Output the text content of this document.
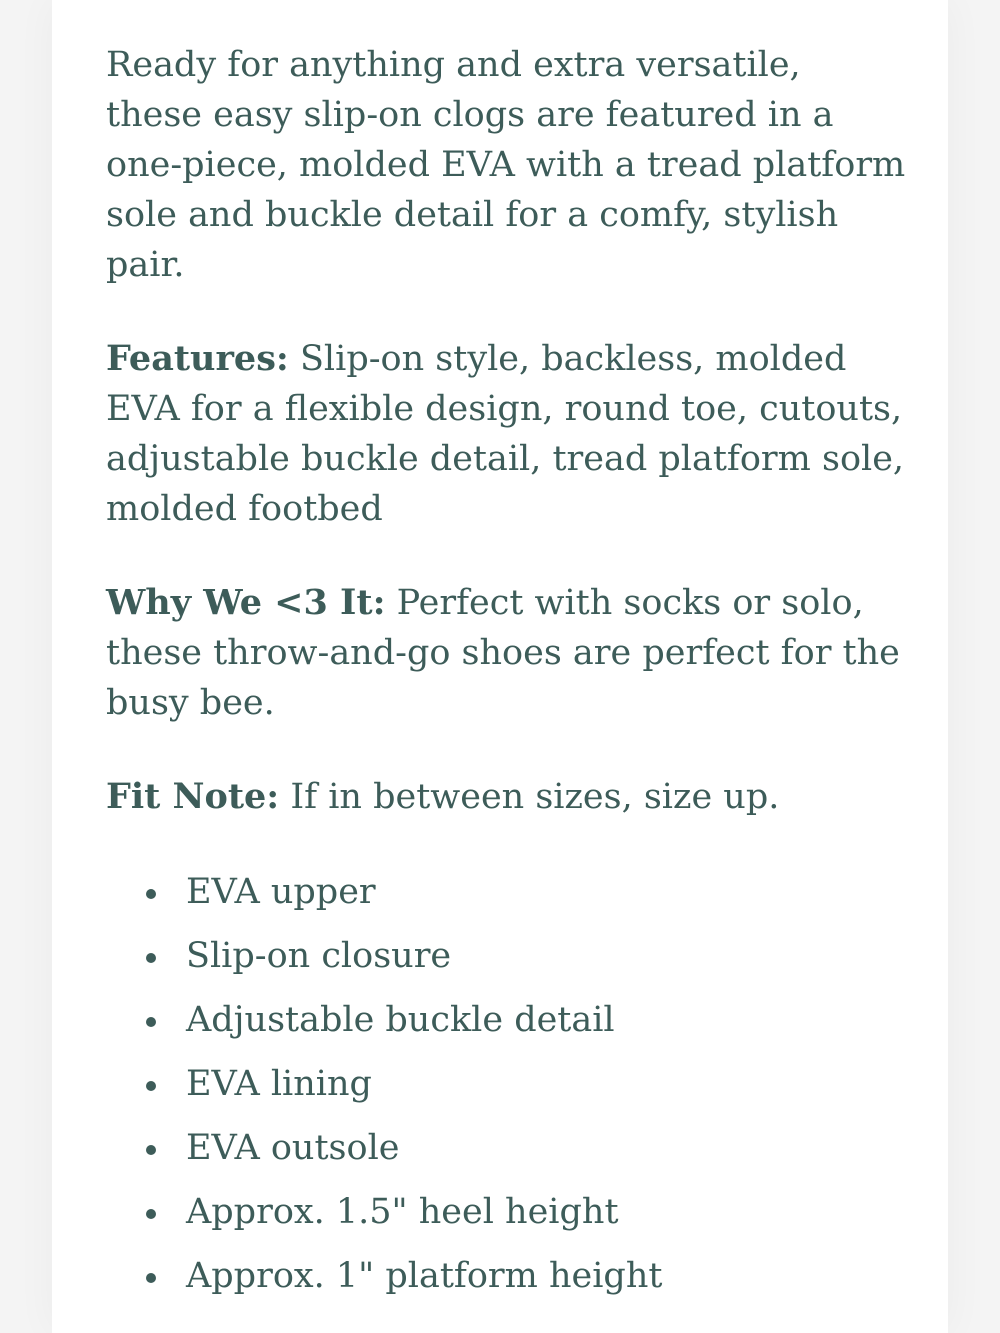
Ready for anything and extra versatile, these easy slip-on clogs are featured in a one-piece, molded EVA with a tread platform sole and buckle detail for a comfy, stylish pair.

Features: Slip-on style, backless, molded EVA for a flexible design, round toe, cutouts, adjustable buckle detail, tread platform sole, molded footbed

Why We <3 It: Perfect with socks or solo, these throw-and-go shoes are perfect for the busy bee.

Fit Note: If in between sizes, size up.

EVA upper
Slip-on closure
Adjustable buckle detail
EVA lining
EVA outsole
Approx. 1.5" heel height
Approx. 1" platform height
